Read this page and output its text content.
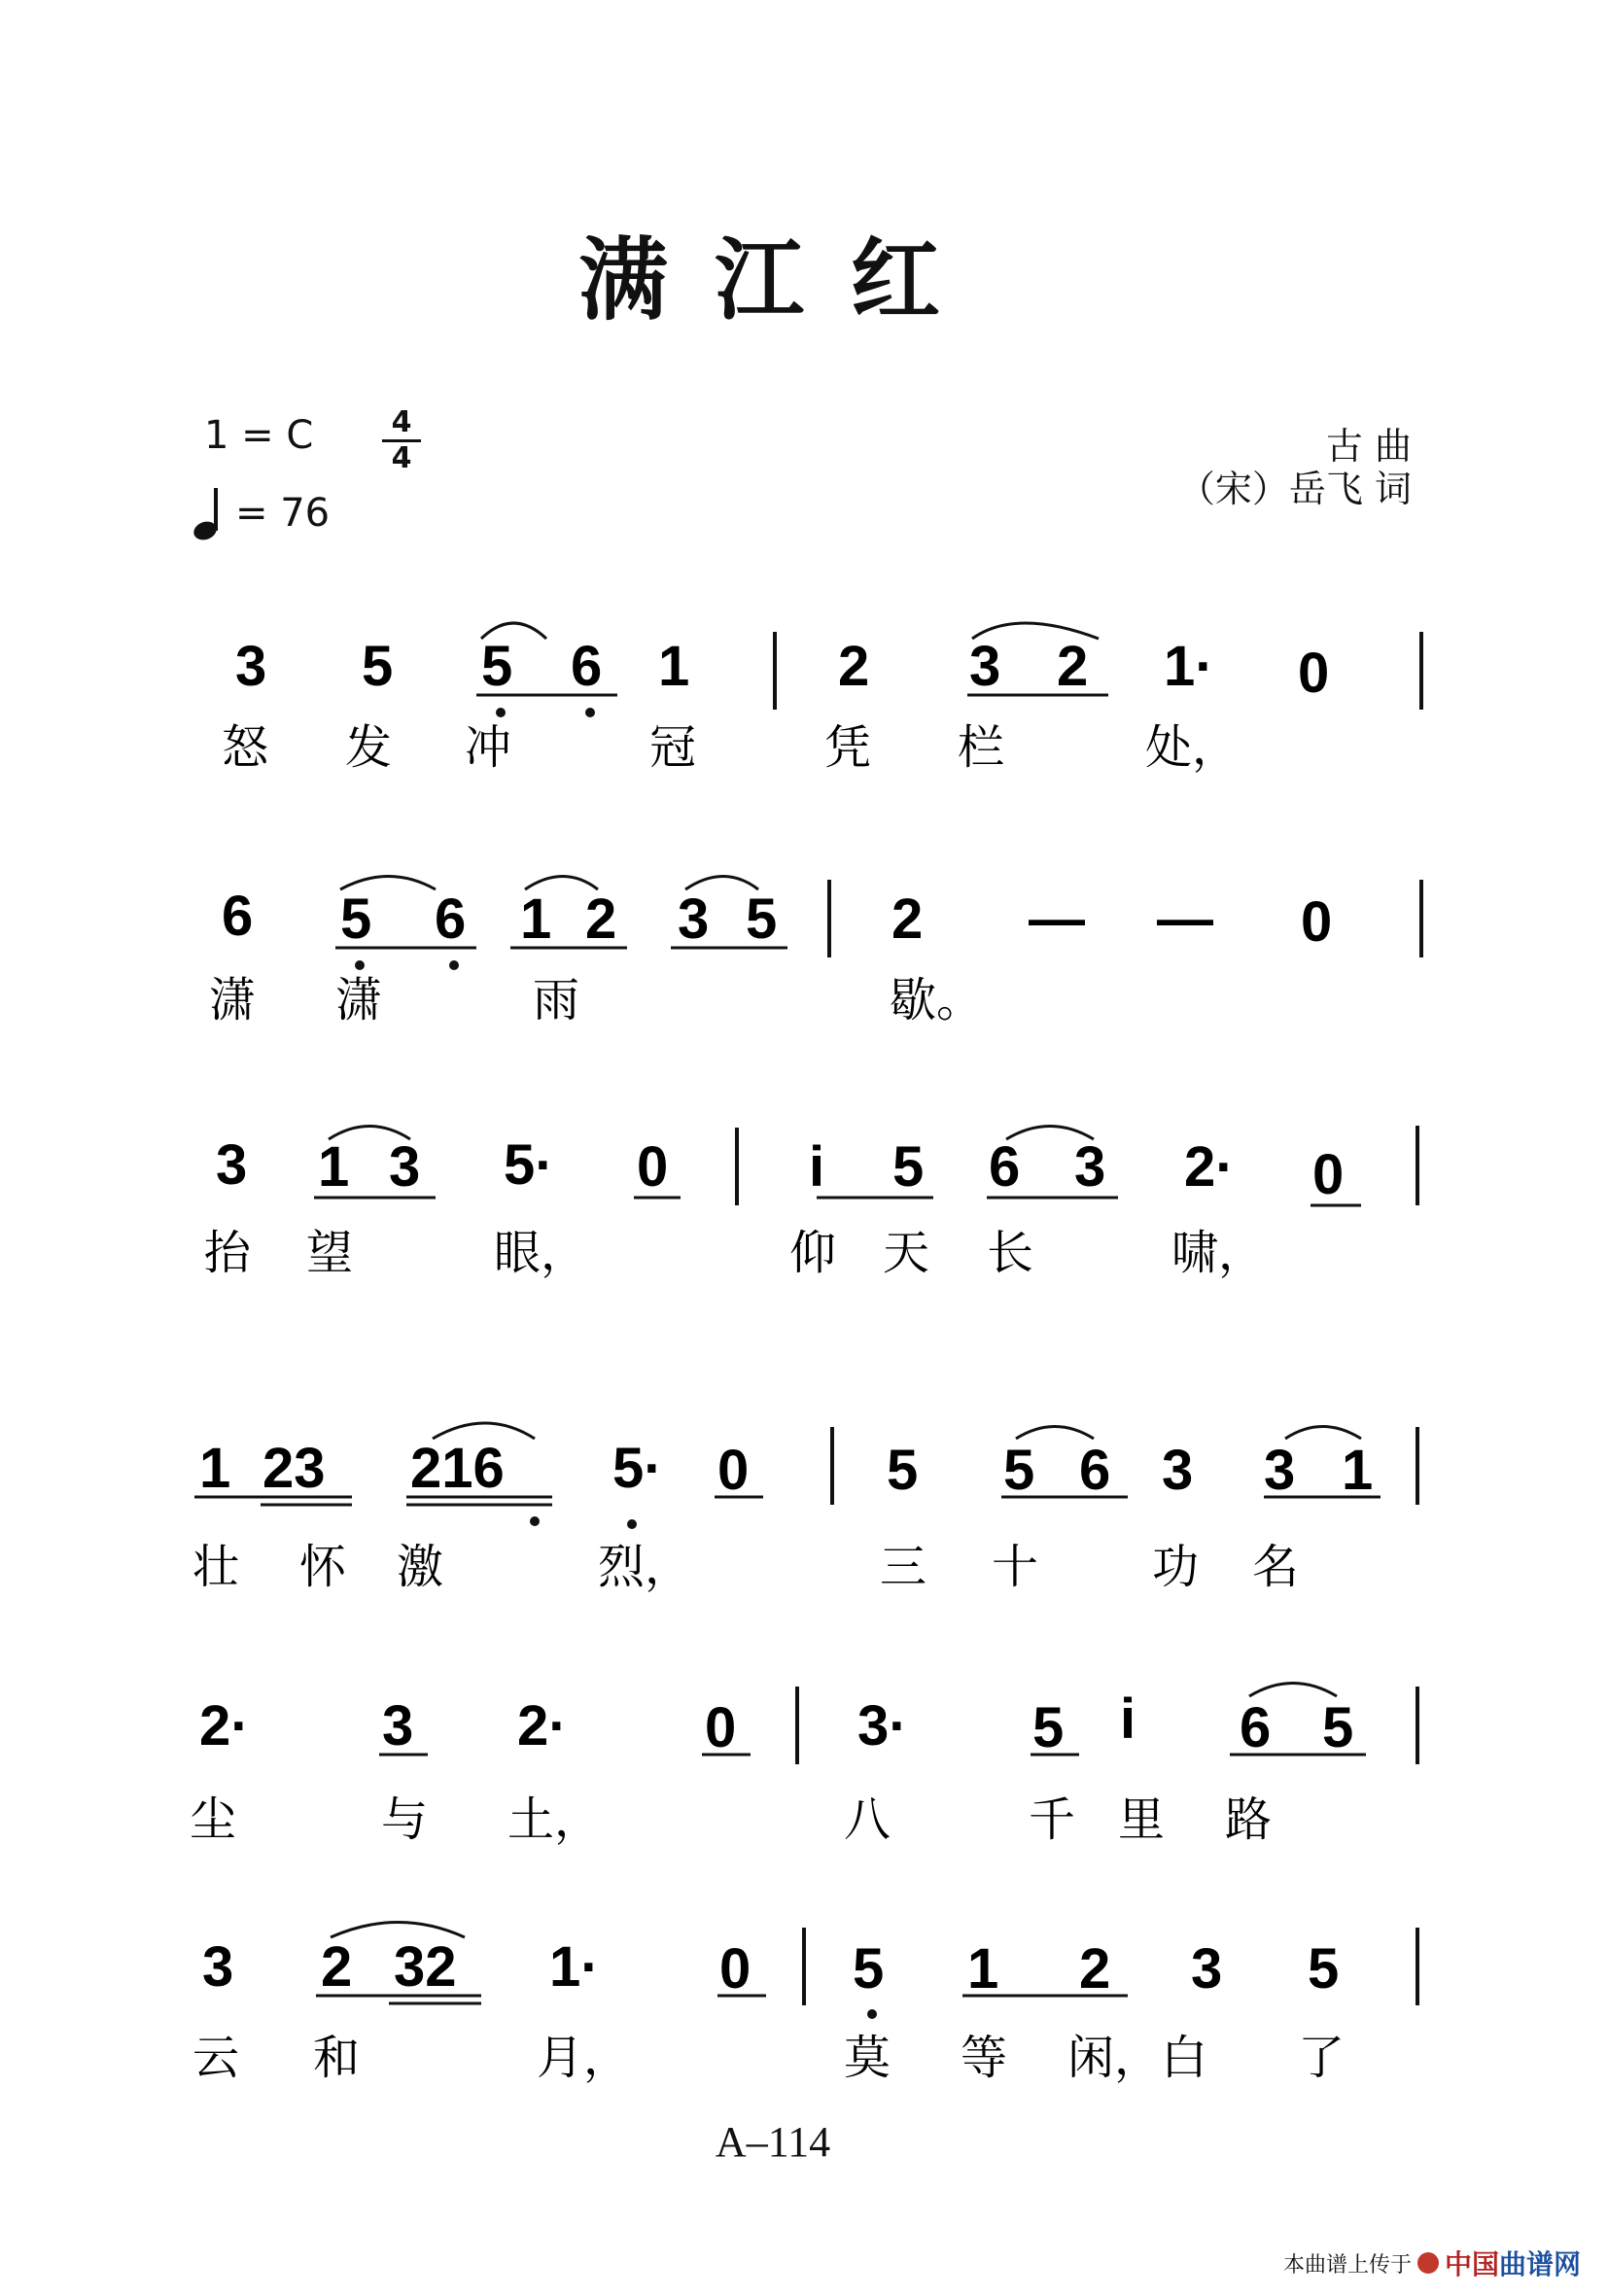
满江红
1 = C	4
4
= 76
古 曲
（宋）岳飞 词
3 5 5 6 1	2 3 2 1· 0
怒 发 冲	冠	凭 栏	处，
6 5 6 1 2 3 5 2 — — 0
潇 潇	雨	歇。
3 1 3 5· 0 i 5 6 3 2· 0
抬 望	眼，	仰 天 长	啸，
1 23 216 5· 0 5 5 6 3 3 1
壮 怀 激	烈，	三 十 功 名
2· 3 2· 0 3· 5 i 6 5
尘	与 土，	八	千 里 路
3 2 32 1· 0 5 1 2 3 5
云 和	月，	莫 等 闲，白 了
A–114
本曲谱上传于 中国曲谱网
